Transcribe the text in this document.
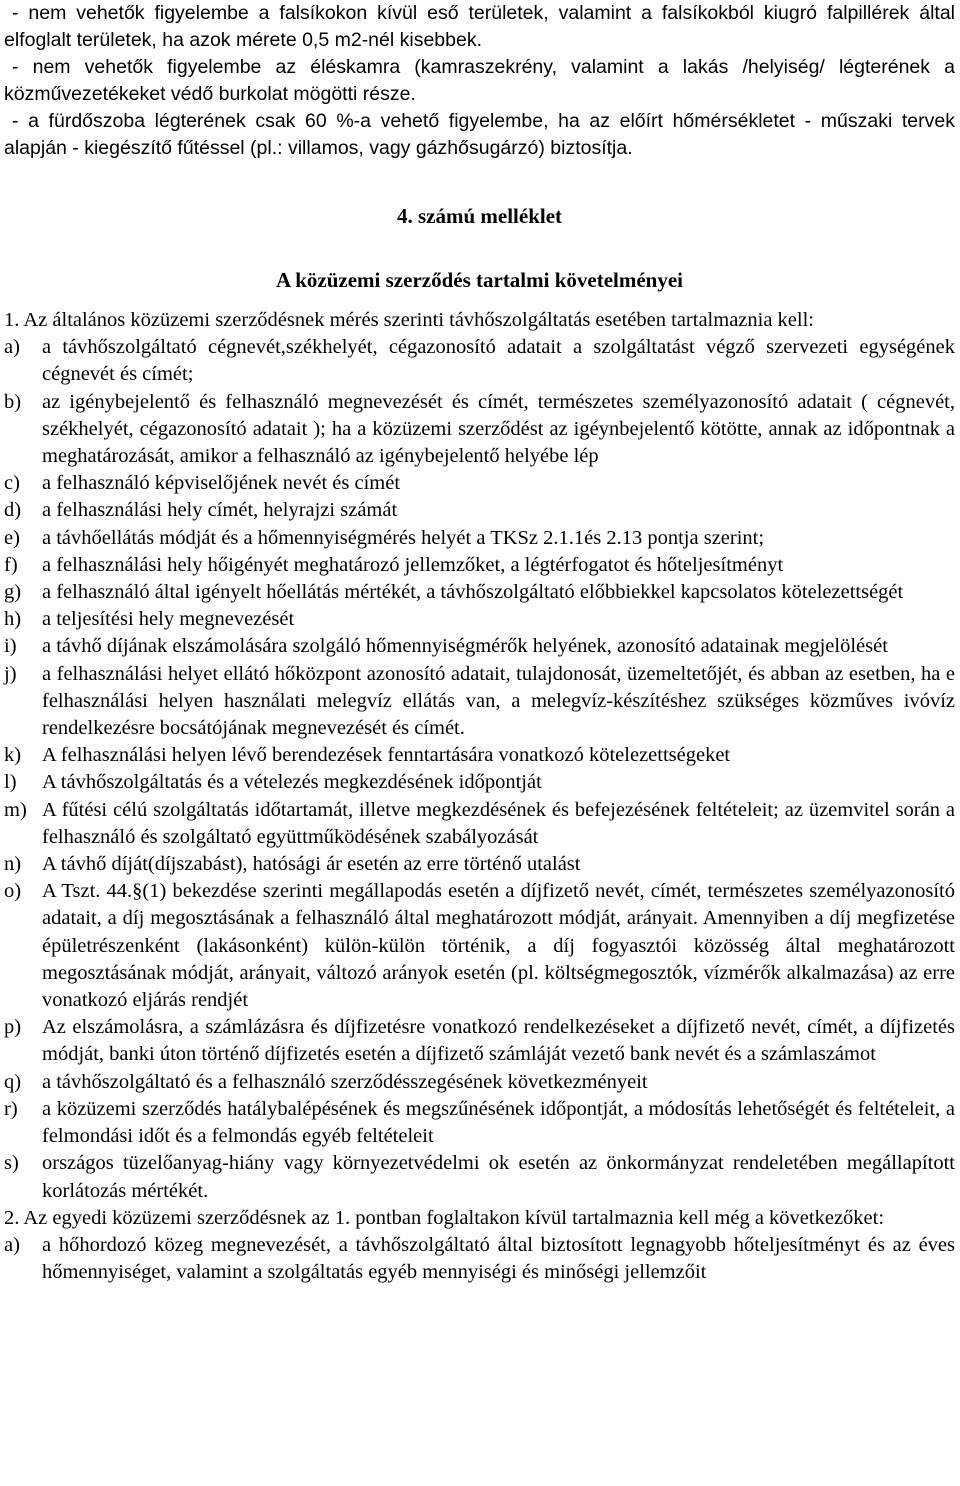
- nem vehetők figyelembe a falsíkokon kívül eső területek, valamint a falsíkokból kiugró falpillérek által elfoglalt területek, ha azok mérete 0,5 m2-nél kisebbek.

- nem vehetők figyelembe az éléskamra (kamraszekrény, valamint a lakás /helyiség/ légterének a közművezetékeket védő burkolat mögötti része.

- a fürdőszoba légterének csak 60 %-a vehető figyelembe, ha az előírt hőmérsékletet - műszaki tervek alapján - kiegészítő fűtéssel (pl.: villamos, vagy gázhősugárzó) biztosítja.

4. számú melléklet
A közüzemi szerződés tartalmi követelményei

1. Az általános közüzemi szerződésnek mérés szerinti távhőszolgáltatás esetében tartalmaznia kell:

a)	a távhőszolgáltató cégnevét,székhelyét, cégazonosító adatait a szolgáltatást végző szervezeti egységének cégnevét és címét;
b)	az igénybejelentő és felhasználó megnevezését és címét, természetes személyazonosító adatait ( cégnevét, székhelyét, cégazonosító adatait ); ha a közüzemi szerződést az igéynbejelentő kötötte, annak az időpontnak a meghatározását, amikor a felhasználó az igénybejelentő helyébe lép
c)	a felhasználó képviselőjének nevét és címét
d)	a felhasználási hely címét, helyrajzi számát
e)	a távhőellátás módját és a hőmennyiségmérés helyét a TKSz 2.1.1és 2.13 pontja szerint;
f)	a felhasználási hely hőigényét meghatározó jellemzőket, a légtérfogatot és hőteljesítményt
g)	a felhasználó által igényelt hőellátás mértékét, a távhőszolgáltató előbbiekkel kapcsolatos kötelezettségét
h)	a teljesítési hely megnevezését
i)	a távhő díjának elszámolására szolgáló hőmennyiségmérők helyének, azonosító adatainak megjelölését
j)	a felhasználási helyet ellátó hőközpont azonosító adatait, tulajdonosát, üzemeltetőjét, és abban az esetben, ha e felhasználási helyen használati melegvíz ellátás van, a melegvíz-készítéshez szükséges közműves ivóvíz rendelkezésre bocsátójának megnevezését és címét.
k)	A felhasználási helyen lévő berendezések fenntartására vonatkozó kötelezettségeket
l)	A távhőszolgáltatás és a vételezés megkezdésének időpontját
m) A fűtési célú szolgáltatás időtartamát, illetve megkezdésének és befejezésének feltételeit; az üzemvitel során a felhasználó és szolgáltató együttműködésének szabályozását
n)	A távhő díját(díjszabást), hatósági ár esetén az erre történő utalást
o)	A Tszt. 44.§(1) bekezdése szerinti megállapodás esetén a díjfizető nevét, címét, természetes személyazonosító adatait, a díj megosztásának a felhasználó által meghatározott módját, arányait. Amennyiben a díj megfizetése épületrészenként (lakásonként) külön-külön történik, a díj fogyasztói közösség által meghatározott megosztásának módját, arányait, változó arányok esetén (pl. költségmegosztók, vízmérők alkalmazása) az erre vonatkozó eljárás rendjét
p)	Az elszámolásra, a számlázásra és díjfizetésre vonatkozó rendelkezéseket a díjfizető nevét, címét, a díjfizetés módját, banki úton történő díjfizetés esetén a díjfizető számláját vezető bank nevét és a számlaszámot
q)	a távhőszolgáltató és a felhasználó szerződésszegésének következményeit
r)	a közüzemi szerződés hatálybalépésének és megszűnésének időpontját, a módosítás lehetőségét és feltételeit, a felmondási időt és a felmondás egyéb feltételeit
s)	országos tüzelőanyag-hiány vagy környezetvédelmi ok esetén az önkormányzat rendeletében megállapított korlátozás mértékét.

2. Az egyedi közüzemi szerződésnek az 1. pontban foglaltakon kívül tartalmaznia kell még a következőket:

a)	a hőhordozó közeg megnevezését, a távhőszolgáltató által biztosított legnagyobb hőteljesítményt és az éves hőmennyiséget, valamint a szolgáltatás egyéb mennyiségi és minőségi jellemzőit
